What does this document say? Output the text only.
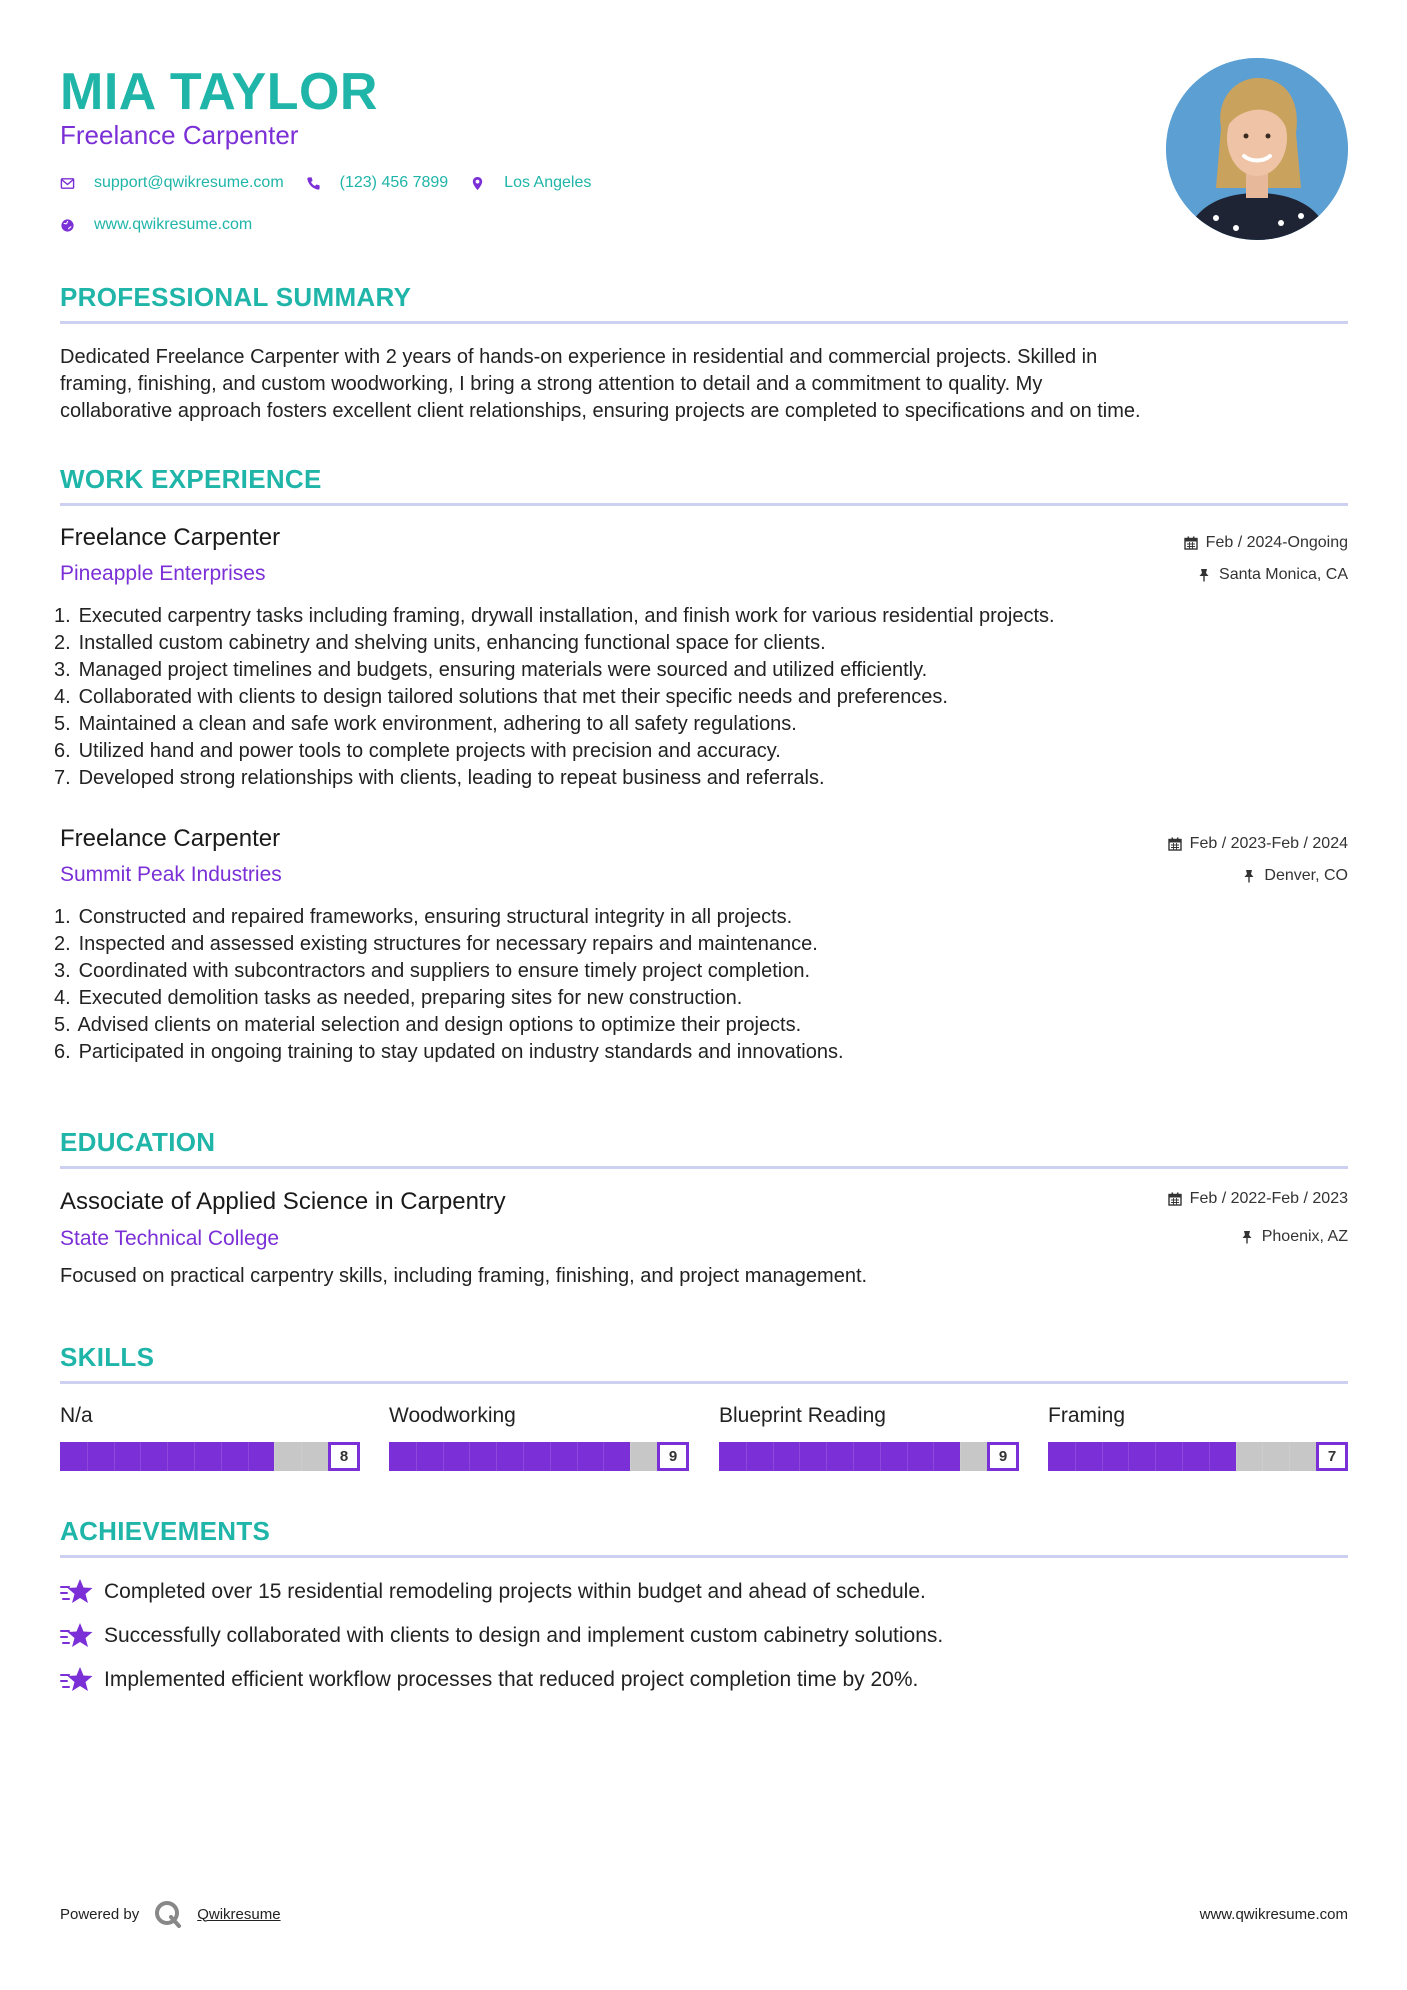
MIA TAYLOR
Freelance Carpenter
support@qwikresume.com	(123) 456 7899	Los Angeles
www.qwikresume.com
PROFESSIONAL SUMMARY
Dedicated Freelance Carpenter with 2 years of hands-on experience in residential and commercial projects. Skilled in
framing, finishing, and custom woodworking, I bring a strong attention to detail and a commitment to quality. My
collaborative approach fosters excellent client relationships, ensuring projects are completed to specifications and on time.
WORK EXPERIENCE
Freelance Carpenter
Pineapple Enterprises
Feb / 2024-Ongoing
Santa Monica, CA
1. Executed carpentry tasks including framing, drywall installation, and finish work for various residential projects.
2. Installed custom cabinetry and shelving units, enhancing functional space for clients.
3. Managed project timelines and budgets, ensuring materials were sourced and utilized efficiently.
4. Collaborated with clients to design tailored solutions that met their specific needs and preferences.
5. Maintained a clean and safe work environment, adhering to all safety regulations.
6. Utilized hand and power tools to complete projects with precision and accuracy.
7. Developed strong relationships with clients, leading to repeat business and referrals.
Freelance Carpenter
Summit Peak Industries
Feb / 2023-Feb / 2024
Denver, CO
1. Constructed and repaired frameworks, ensuring structural integrity in all projects.
2. Inspected and assessed existing structures for necessary repairs and maintenance.
3. Coordinated with subcontractors and suppliers to ensure timely project completion.
4. Executed demolition tasks as needed, preparing sites for new construction.
5. Advised clients on material selection and design options to optimize their projects.
6. Participated in ongoing training to stay updated on industry standards and innovations.
EDUCATION
Associate of Applied Science in Carpentry
State Technical College
Feb / 2022-Feb / 2023
Phoenix, AZ
Focused on practical carpentry skills, including framing, finishing, and project management.
SKILLS
N/a
8
Woodworking
9
Blueprint Reading
9
Framing
7
ACHIEVEMENTS
Completed over 15 residential remodeling projects within budget and ahead of schedule.
Successfully collaborated with clients to design and implement custom cabinetry solutions.
Implemented efficient workflow processes that reduced project completion time by 20%.
Powered by	Qwikresume	www.qwikresume.com
